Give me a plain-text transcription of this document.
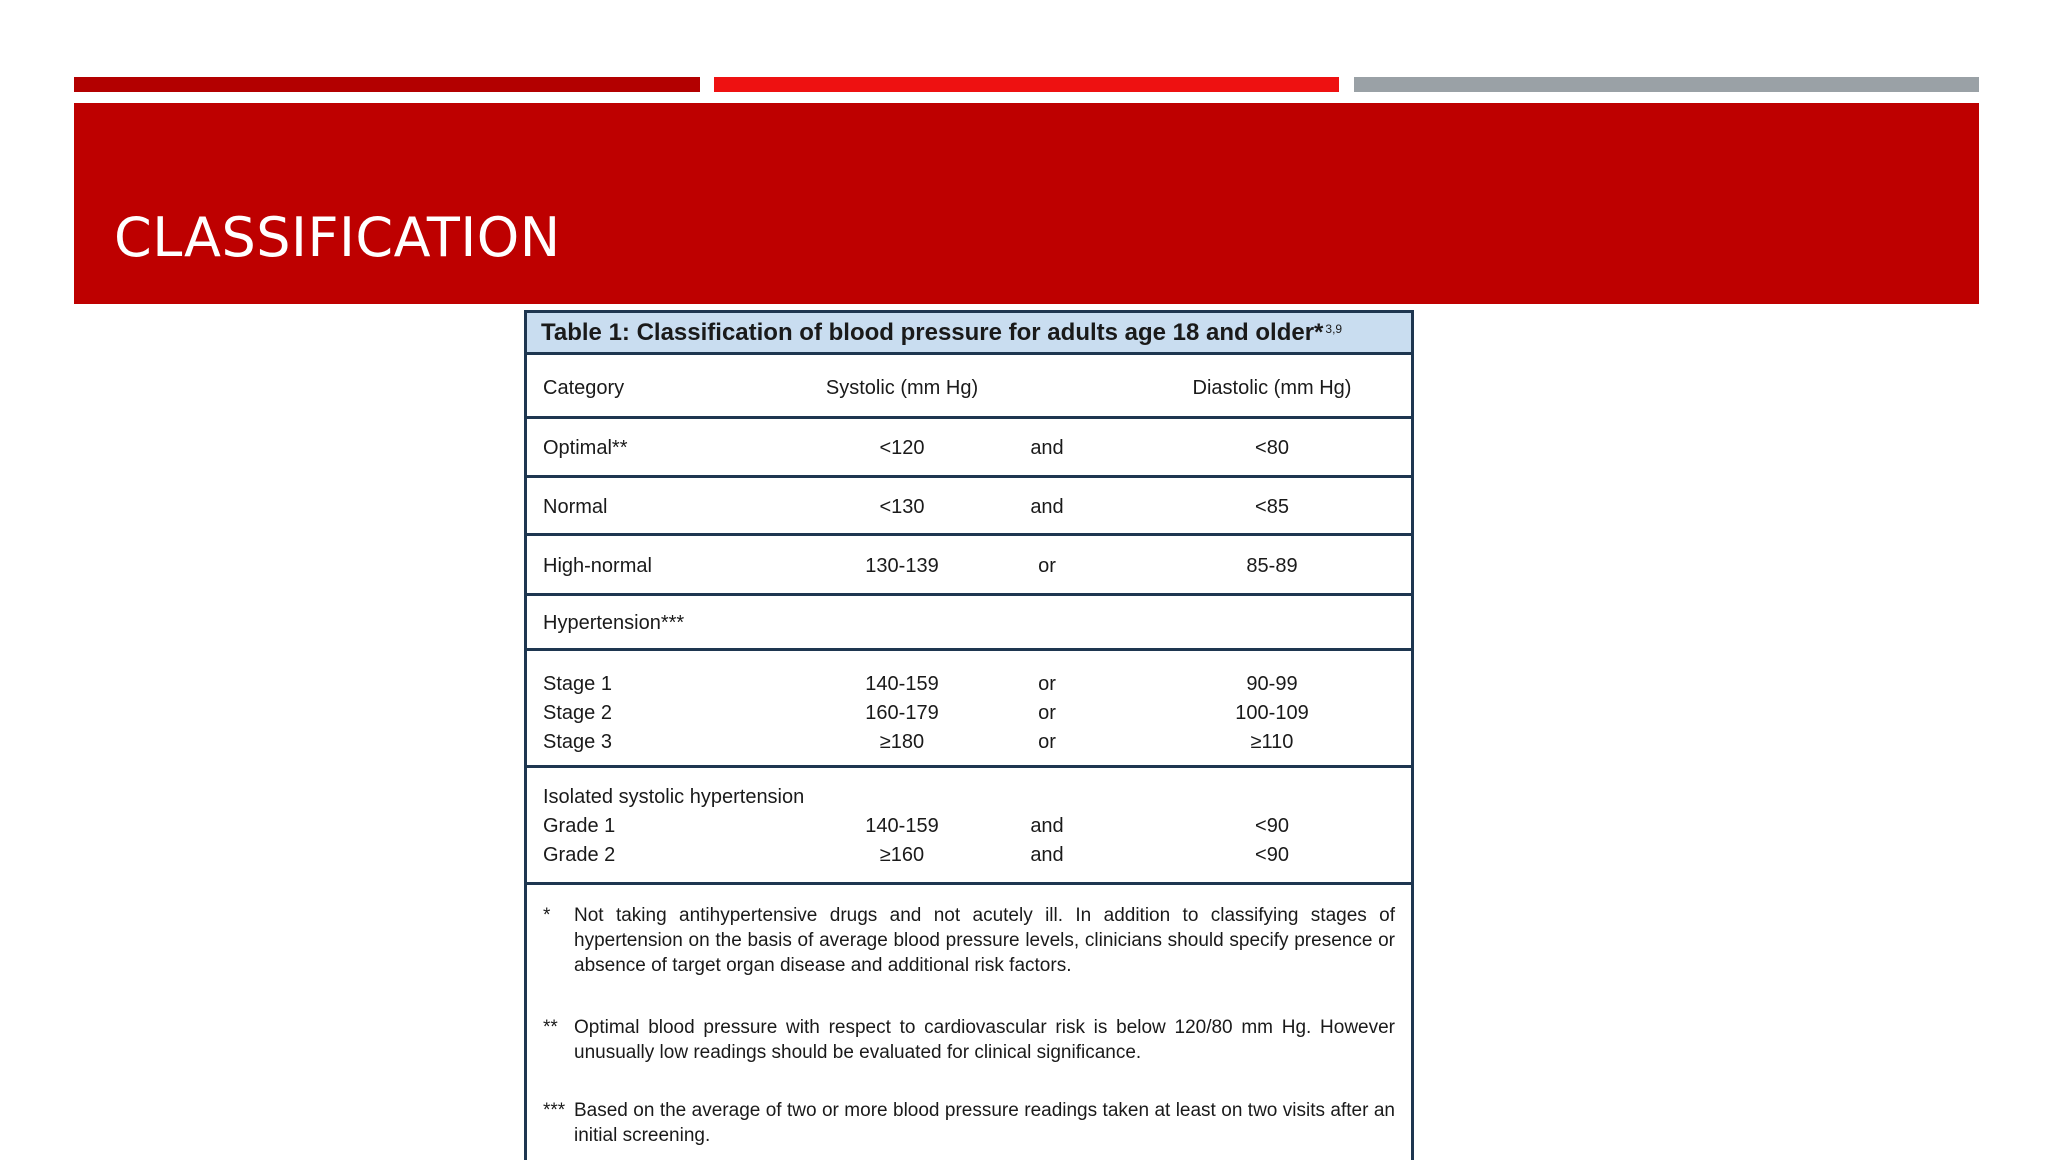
CLASSIFICATION
Table 1: Classification of blood pressure for adults age 18 and older*$^{3,9}$
Category	Systolic (mm Hg)	Diastolic (mm Hg)
Optimal**	<120	and	<80
Normal	<130	and	<85
High-normal	130-139	or	85-89
Hypertension***
Stage 1	140-159	or	90-99
Stage 2	160-179	or	100-109
Stage 3	≥180	or	≥110
Isolated systolic hypertension
Grade 1	140-159	and	<90
Grade 2	≥160	and	<90
* Not taking antihypertensive drugs and not acutely ill. In addition to classifying stages of hypertension on the basis of average blood pressure levels, clinicians should specify presence or absence of target organ disease and additional risk factors.
** Optimal blood pressure with respect to cardiovascular risk is below 120/80 mm Hg. However unusually low readings should be evaluated for clinical significance.
*** Based on the average of two or more blood pressure readings taken at least on two visits after an initial screening.
